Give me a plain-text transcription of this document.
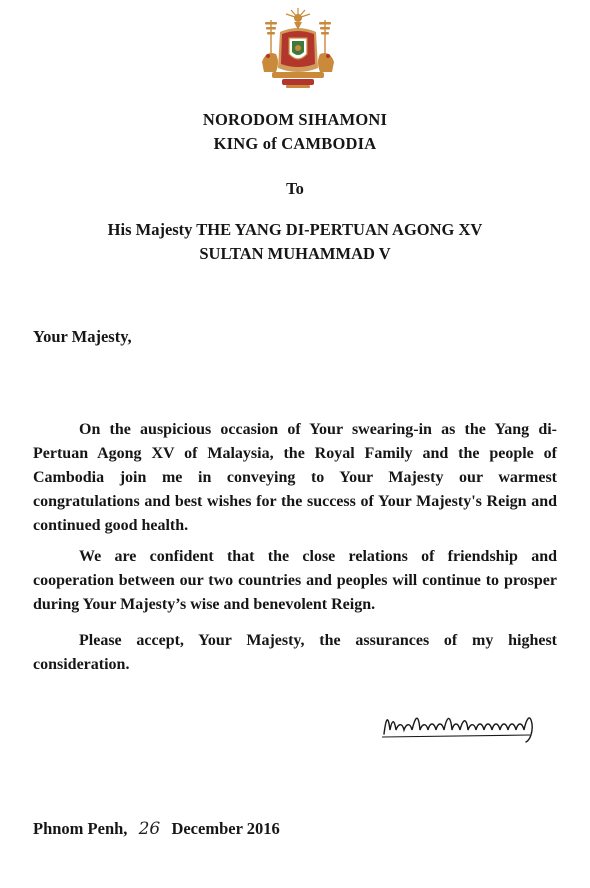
NORODOM SIHAMONI
KING of CAMBODIA
To
His Majesty THE YANG DI-PERTUAN AGONG XV
SULTAN MUHAMMAD V
Your Majesty,

On the auspicious occasion of Your swearing-in as the Yang di-Pertuan Agong XV of Malaysia, the Royal Family and the people of Cambodia join me in conveying to Your Majesty our warmest congratulations and best wishes for the success of Your Majesty's Reign and continued good health.

We are confident that the close relations of friendship and cooperation between our two countries and peoples will continue to prosper during Your Majesty’s wise and benevolent Reign.

Please accept, Your Majesty, the assurances of my highest consideration.

Phnom Penh, 26 December 2016
